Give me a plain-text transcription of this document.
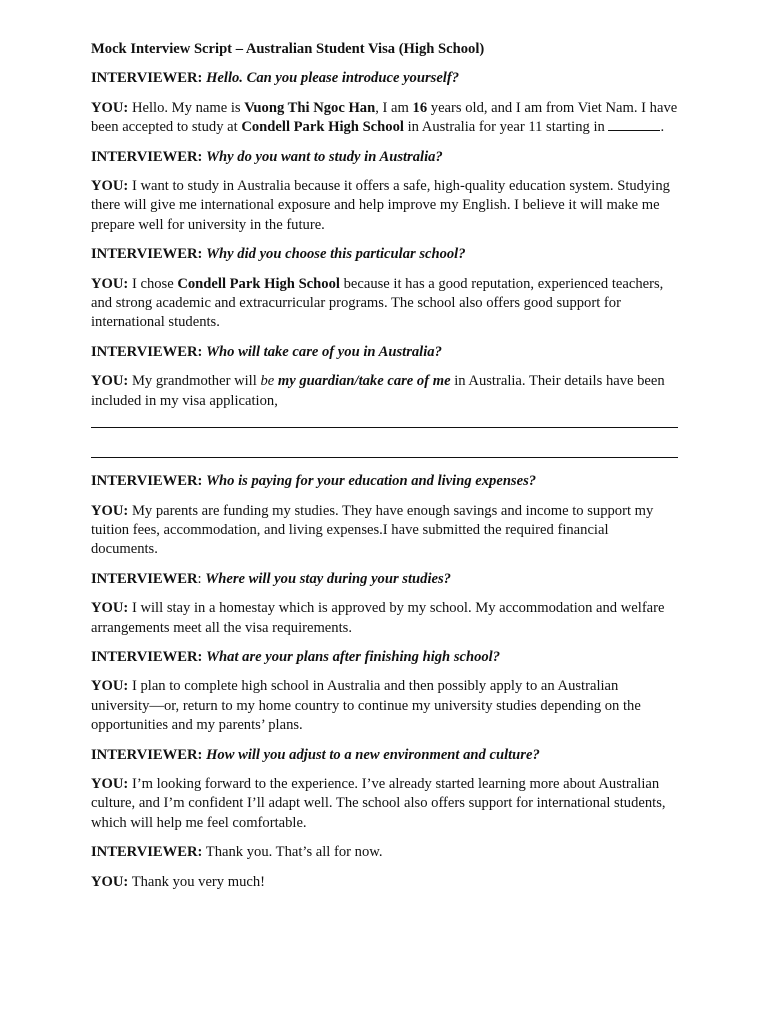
Mock Interview Script – Australian Student Visa (High School)

INTERVIEWER: Hello. Can you please introduce yourself?

YOU: Hello. My name is Vuong Thi Ngoc Han, I am 16 years old, and I am from Viet Nam. I have been accepted to study at Condell Park High School in Australia for year 11 starting in	.

INTERVIEWER: Why do you want to study in Australia?

YOU: I want to study in Australia because it offers a safe, high-quality education system. Studying there will give me international exposure and help improve my English. I believe it will make me prepare well for university in the future.

INTERVIEWER: Why did you choose this particular school?

YOU: I chose Condell Park High School because it has a good reputation, experienced teachers, and strong academic and extracurricular programs. The school also offers good support for international students.

INTERVIEWER: Who will take care of you in Australia?

YOU: My grandmother will be my guardian/take care of me in Australia. Their details have been included in my visa application,

INTERVIEWER: Who is paying for your education and living expenses?

YOU: My parents are funding my studies. They have enough savings and income to support my tuition fees, accommodation, and living expenses.I have submitted the required financial documents.

INTERVIEWER: Where will you stay during your studies?

YOU: I will stay in a homestay which is approved by my school. My accommodation and welfare arrangements meet all the visa requirements.

INTERVIEWER: What are your plans after finishing high school?

YOU: I plan to complete high school in Australia and then possibly apply to an Australian university—or, return to my home country to continue my university studies depending on the opportunities and my parents’ plans.

INTERVIEWER: How will you adjust to a new environment and culture?

YOU: I’m looking forward to the experience. I’ve already started learning more about Australian culture, and I’m confident I’ll adapt well. The school also offers support for international students, which will help me feel comfortable.

INTERVIEWER: Thank you. That’s all for now.

YOU: Thank you very much!
